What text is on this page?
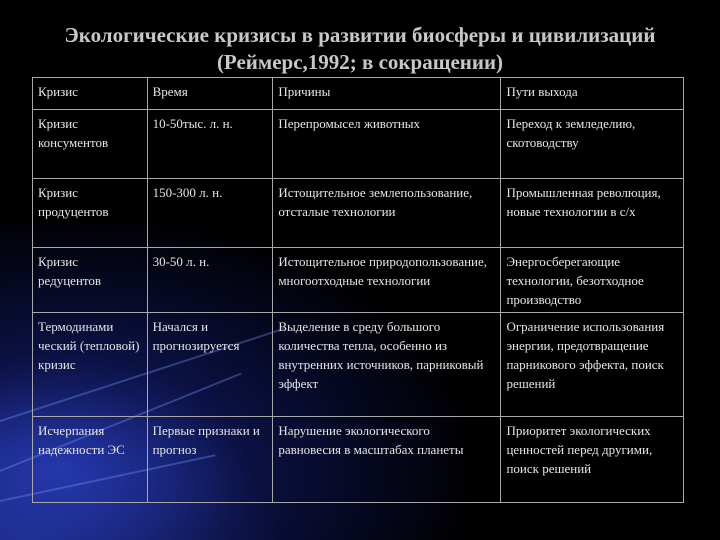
Экологические кризисы в развитии биосферы и цивилизаций (Реймерс,1992; в сокращении)
Кризис	Время	Причины	Пути выхода
Кризис консументов	10-50тыс. л. н.	Перепромысел животных	Переход к земледелию, скотоводству
Кризис продуцентов	150-300 л. н.	Истощительное землепользование, отсталые технологии	Промышленная революция, новые технологии в с/х
Кризис редуцентов	30-50 л. н.	Истощительное природопользование, многоотходные технологии	Энергосберегающие технологии, безотходное производство
Термодинами ческий (тепловой) кризис	Начался и прогнозируется	Выделение в среду большого количества тепла, особенно из внутренних источников, парниковый эффект	Ограничение использования энергии, предотвращение парникового эффекта, поиск решений
Исчерпания надежности ЭС	Первые признаки и прогноз	Нарушение экологического равновесия в масштабах планеты	Приоритет экологических ценностей перед другими, поиск решений
